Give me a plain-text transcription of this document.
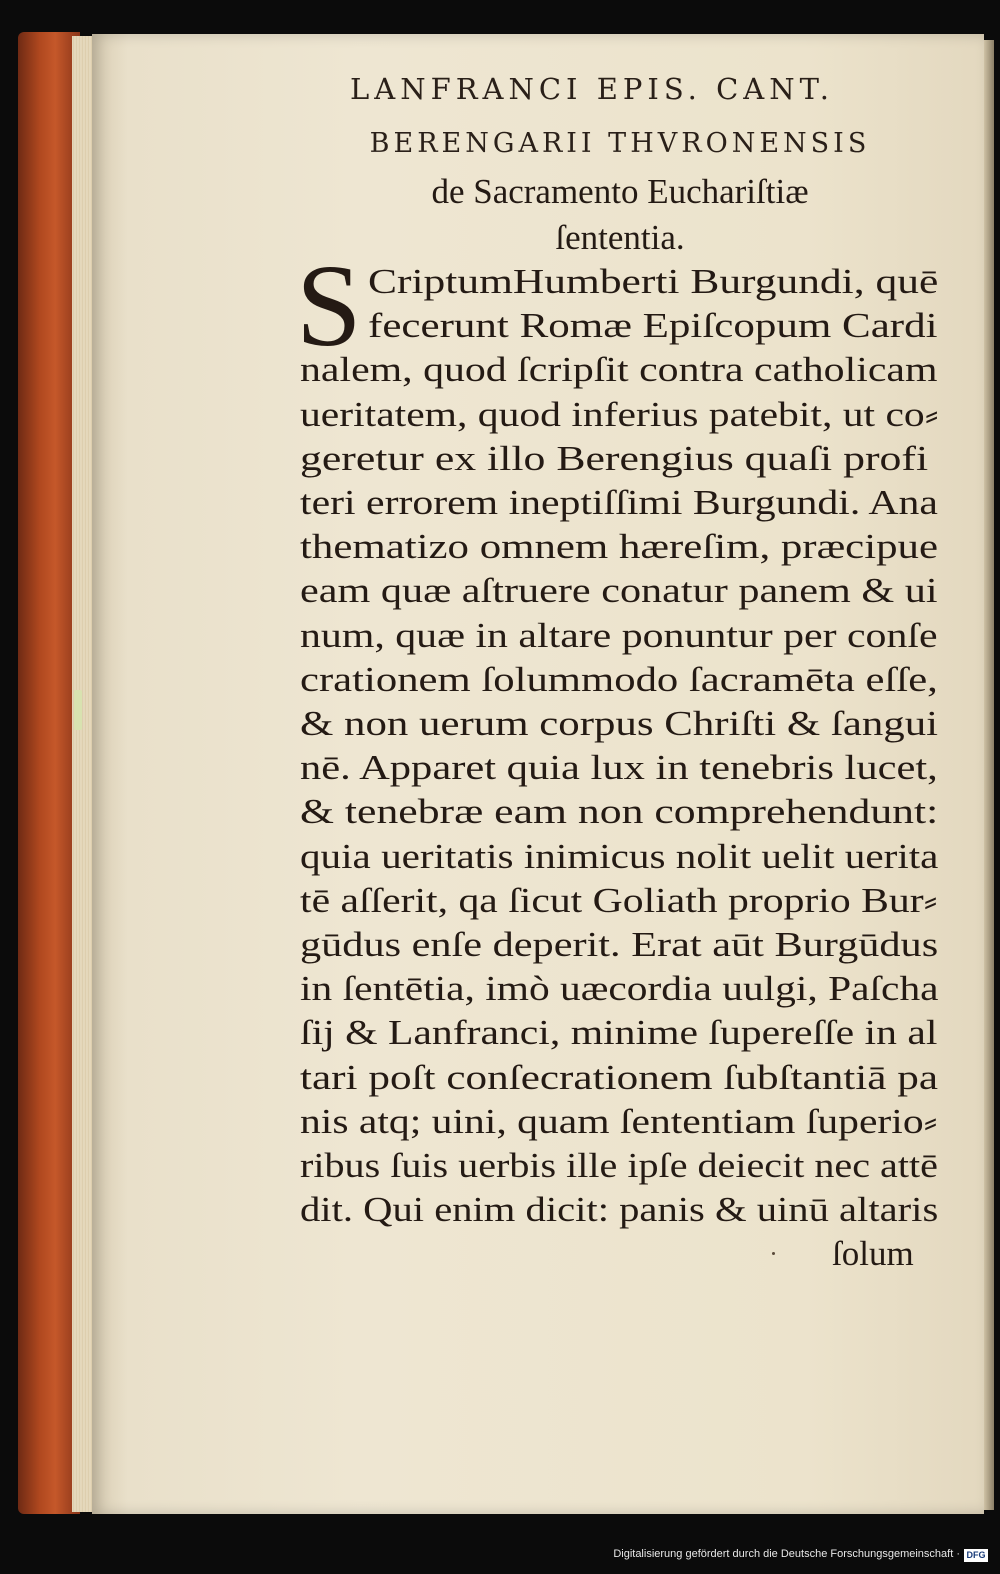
LANFRANCI EPIS. CANT.
BERENGARII THVRONENSIS
de Sacramento Euchariſtiæ
ſententia.
S CriptumHumberti Burgundi, quē
fecerunt Romæ Epiſcopum Cardi
nalem, quod ſcripſit contra catholicam
ueritatem, quod inferius patebit, ut co⸗
geretur ex illo Berengius quaſi profi
teri errorem ineptiſſimi Burgundi. Ana
thematizo omnem hæreſim, præcipue
eam quæ aſtruere conatur panem & ui
num, quæ in altare ponuntur per conſe
crationem ſolummodo ſacramēta eſſe,
& non uerum corpus Chriſti & ſangui
nē. Apparet quia lux in tenebris lucet,
& tenebræ eam non comprehendunt:
quia ueritatis inimicus nolit uelit uerita
tē aſſerit, qa ſicut Goliath proprio Bur⸗
gūdus enſe deperit. Erat aūt Burgūdus
in ſentētia, imò uæcordia uulgi, Paſcha
ſij & Lanfranci, minime ſupereſſe in al
tari poſt conſecrationem ſubſtantiā pa
nis atq; uini, quam ſententiam ſuperio⸗
ribus ſuis uerbis ille ipſe deiecit nec attē
dit. Qui enim dicit: panis & uinū altaris
ſolum
Digitalisierung gefördert durch die Deutsche Forschungsgemeinschaft · DFG
